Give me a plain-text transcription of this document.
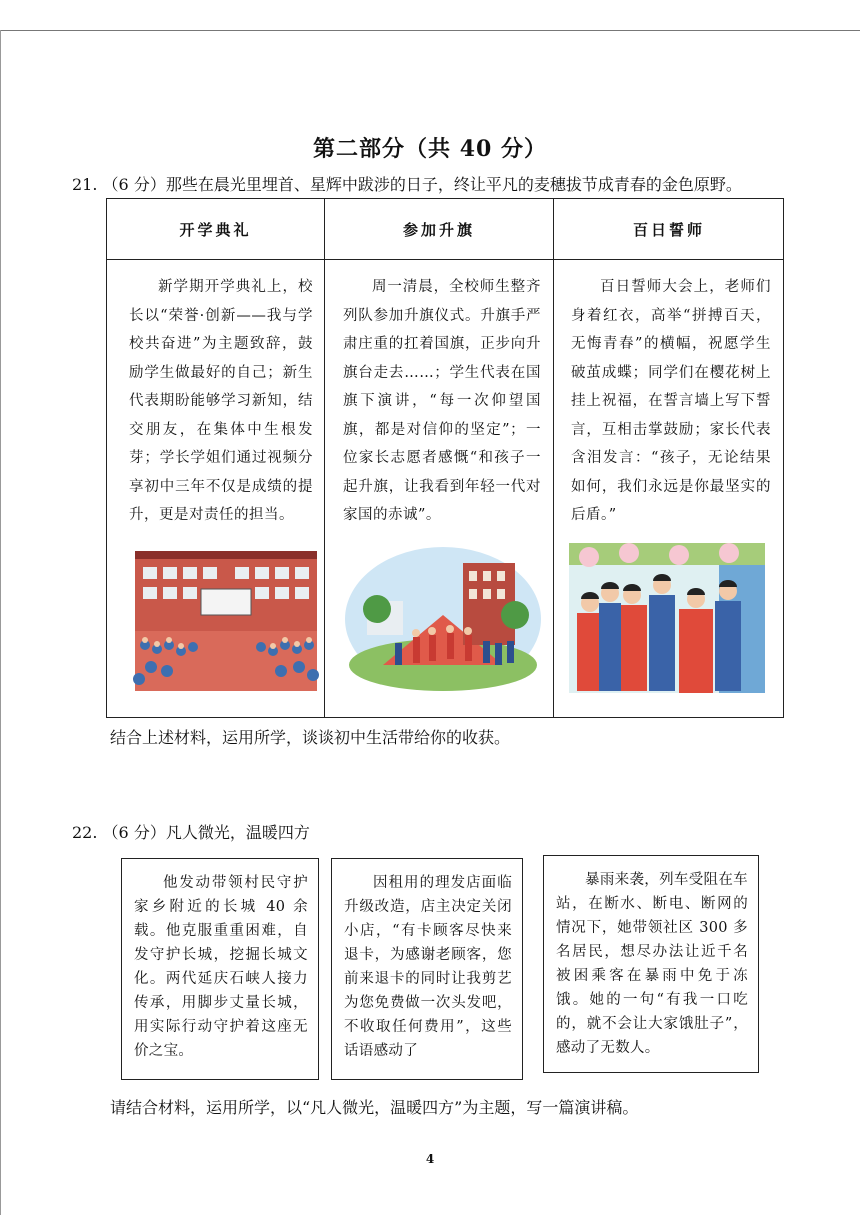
第二部分（共 40 分）
21. （6 分）那些在晨光里埋首、星辉中跋涉的日子，终让平凡的麦穗拔节成青春的金色原野。
开学典礼	参加升旗	百日誓师
新学期开学典礼上，校长以“荣誉·创新——我与学校共奋进”为主题致辞，鼓励学生做最好的自己；新生代表期盼能够学习新知，结交朋友，在集体中生根发芽；学长学姐们通过视频分享初中三年不仅是成绩的提升，更是对责任的担当。
周一清晨，全校师生整齐列队参加升旗仪式。升旗手严肃庄重的扛着国旗，正步向升旗台走去……；学生代表在国旗下演讲，“每一次仰望国旗，都是对信仰的坚定”；一位家长志愿者感慨“和孩子一起升旗，让我看到年轻一代对家国的赤诚”。
百日誓师大会上，老师们身着红衣，高举“拼搏百天，无悔青春”的横幅，祝愿学生破茧成蝶；同学们在樱花树上挂上祝福，在誓言墙上写下誓言，互相击掌鼓励；家长代表含泪发言：“孩子，无论结果如何，我们永远是你最坚实的后盾。”
结合上述材料，运用所学，谈谈初中生活带给你的收获。
22. （6 分）凡人微光，温暖四方
他发动带领村民守护家乡附近的长城 40 余载。他克服重重困难，自发守护长城，挖掘长城文化。两代延庆石峡人接力传承，用脚步丈量长城，用实际行动守护着这座无价之宝。
因租用的理发店面临升级改造，店主决定关闭小店，“有卡顾客尽快来退卡，为感谢老顾客，您前来退卡的同时让我剪艺为您免费做一次头发吧，不收取任何费用”，这些话语感动了
暴雨来袭，列车受阻在车站，在断水、断电、断网的情况下，她带领社区 300 多名居民，想尽办法让近千名被困乘客在暴雨中免于冻饿。她的一句“有我一口吃的，就不会让大家饿肚子”，感动了无数人。
请结合材料，运用所学，以“凡人微光，温暖四方”为主题，写一篇演讲稿。
4
